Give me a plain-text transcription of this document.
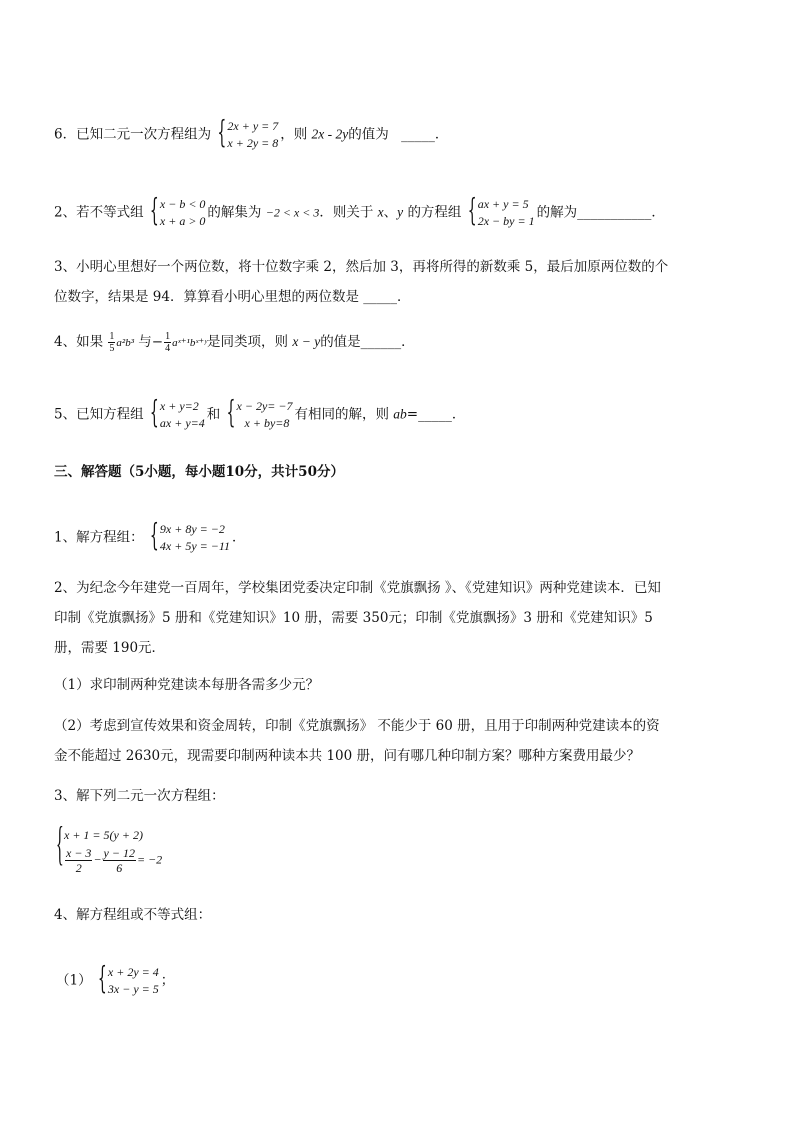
6．已知二元一次方程组为 { 2x + y = 7
x + 2y = 8
，则 2x - 2y的值为 _____．
2、若不等式组 { x − b < 0
x + a > 0
的解集为 −2 < x < 3．则关于 x、y 的方程组 { ax + y = 5
2x − by = 1
的解为___________．
3、小明心里想好一个两位数，将十位数字乘 2，然后加 3，再将所得的新数乘 5，最后加原两位数的个
位数字，结果是 94．算算看小明心里想的两位数是 _____．
4、如果 $\frac{1}{5} a^2b^3$ 与− $\frac{1}{4}$ aˣ⁺¹bˣ⁺ʸ是同类项，则 x − y的值是______．
5、已知方程组 { x + y=2
ax + y=4
和 { x − 2y= −7
x + by=8
有相同的解，则 ab=_____．
三、解答题（5小题，每小题10分，共计50分）
1、解方程组： { 9x + 8y = −2
4x + 5y = −11
．
2、为纪念今年建党一百周年，学校集团党委决定印制《党旗飘扬 》、《党建知识》两种党建读本．已知
印制《党旗飘扬》5 册和《党建知识》10 册，需要 350元；印制《党旗飘扬》3 册和《党建知识》5
册，需要 190元．
（1）求印制两种党建读本每册各需多少元？
（2）考虑到宣传效果和资金周转，印制《党旗飘扬》 不能少于 60 册，且用于印制两种党建读本的资
金不能超过 2630元，现需要印制两种读本共 100 册，问有哪几种印制方案？哪种方案费用最少？
3、解下列二元一次方程组：
{ x + 1 = 5(y + 2)
$\frac{x - 3}{2} - \frac{y - 12}{6} = -2$
4、解方程组或不等式组：
（1） { x + 2y = 4
3x − y = 5
；
